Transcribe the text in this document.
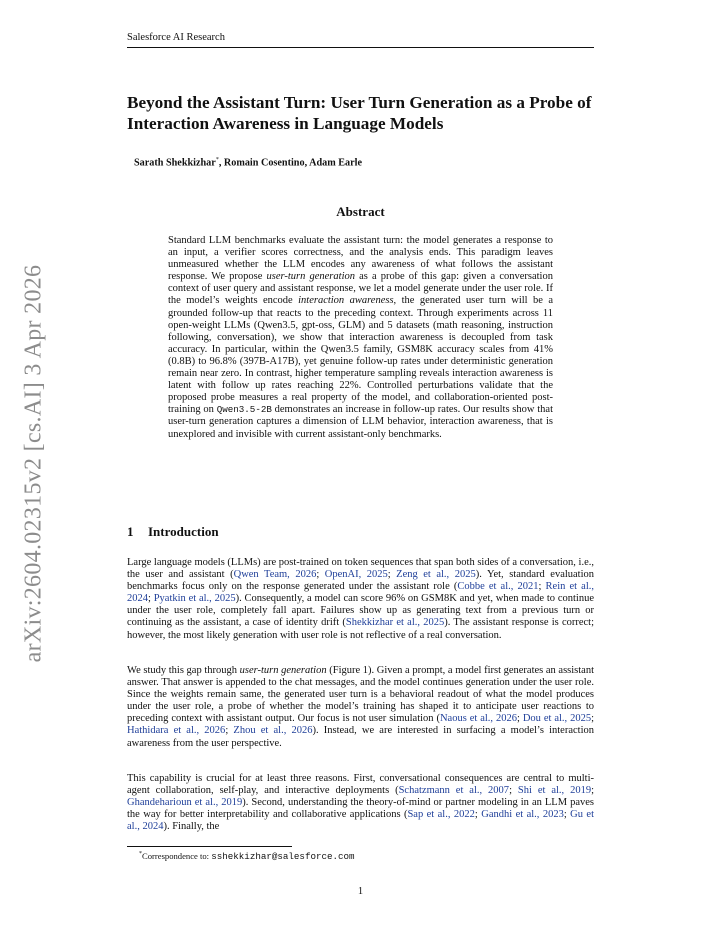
arXiv:2604.02315v2 [cs.AI] 3 Apr 2026
Salesforce AI Research
Beyond the Assistant Turn: User Turn Generation as a Probe of Interaction Awareness in Language Models
Sarath Shekkizhar*, Romain Cosentino, Adam Earle
Abstract

Standard LLM benchmarks evaluate the assistant turn: the model generates a response to an input, a verifier scores correctness, and the analysis ends. This paradigm leaves unmeasured whether the LLM encodes any awareness of what follows the assistant response. We propose user-turn generation as a probe of this gap: given a conversation context of user query and assistant response, we let a model generate under the user role. If the model’s weights encode interaction awareness, the generated user turn will be a grounded follow-up that reacts to the preceding context. Through experiments across 11 open-weight LLMs (Qwen3.5, gpt-oss, GLM) and 5 datasets (math reasoning, instruction following, conversation), we show that interaction awareness is decoupled from task accuracy. In particular, within the Qwen3.5 family, GSM8K accuracy scales from 41% (0.8B) to 96.8% (397B-A17B), yet genuine follow-up rates under deterministic generation remain near zero. In contrast, higher temperature sampling reveals interaction awareness is latent with follow up rates reaching 22%. Controlled perturbations validate that the proposed probe measures a real property of the model, and collaboration-oriented post-training on Qwen3.5-2B demonstrates an increase in follow-up rates. Our results show that user-turn generation captures a dimension of LLM behavior, interaction awareness, that is unexplored and invisible with current assistant-only benchmarks.

1 Introduction

Large language models (LLMs) are post-trained on token sequences that span both sides of a conversation, i.e., the user and assistant (Qwen Team, 2026; OpenAI, 2025; Zeng et al., 2025). Yet, standard evaluation benchmarks focus only on the response generated under the assistant role (Cobbe et al., 2021; Rein et al., 2024; Pyatkin et al., 2025). Consequently, a model can score 96% on GSM8K and yet, when made to continue under the user role, completely fall apart. Failures show up as generating text from a previous turn or continuing as the assistant, a case of identity drift (Shekkizhar et al., 2025). The assistant response is correct; however, the most likely generation with user role is not reflective of a real conversation.

We study this gap through user-turn generation (Figure 1). Given a prompt, a model first generates an assistant answer. That answer is appended to the chat messages, and the model continues generation under the user role. Since the weights remain same, the generated user turn is a behavioral readout of what the model produces under the user role, a probe of whether the model’s training has shaped it to anticipate user reactions to preceding context with assistant output. Our focus is not user simulation (Naous et al., 2026; Dou et al., 2025; Hathidara et al., 2026; Zhou et al., 2026). Instead, we are interested in surfacing a model’s interaction awareness from the user perspective.

This capability is crucial for at least three reasons. First, conversational consequences are central to multi-agent collaboration, self-play, and interactive deployments (Schatzmann et al., 2007; Shi et al., 2019; Ghandeharioun et al., 2019). Second, understanding the theory-of-mind or partner modeling in an LLM paves the way for better interpretability and collaborative applications (Sap et al., 2022; Gandhi et al., 2023; Gu et al., 2024). Finally, the

*Correspondence to: sshekkizhar@salesforce.com
1
